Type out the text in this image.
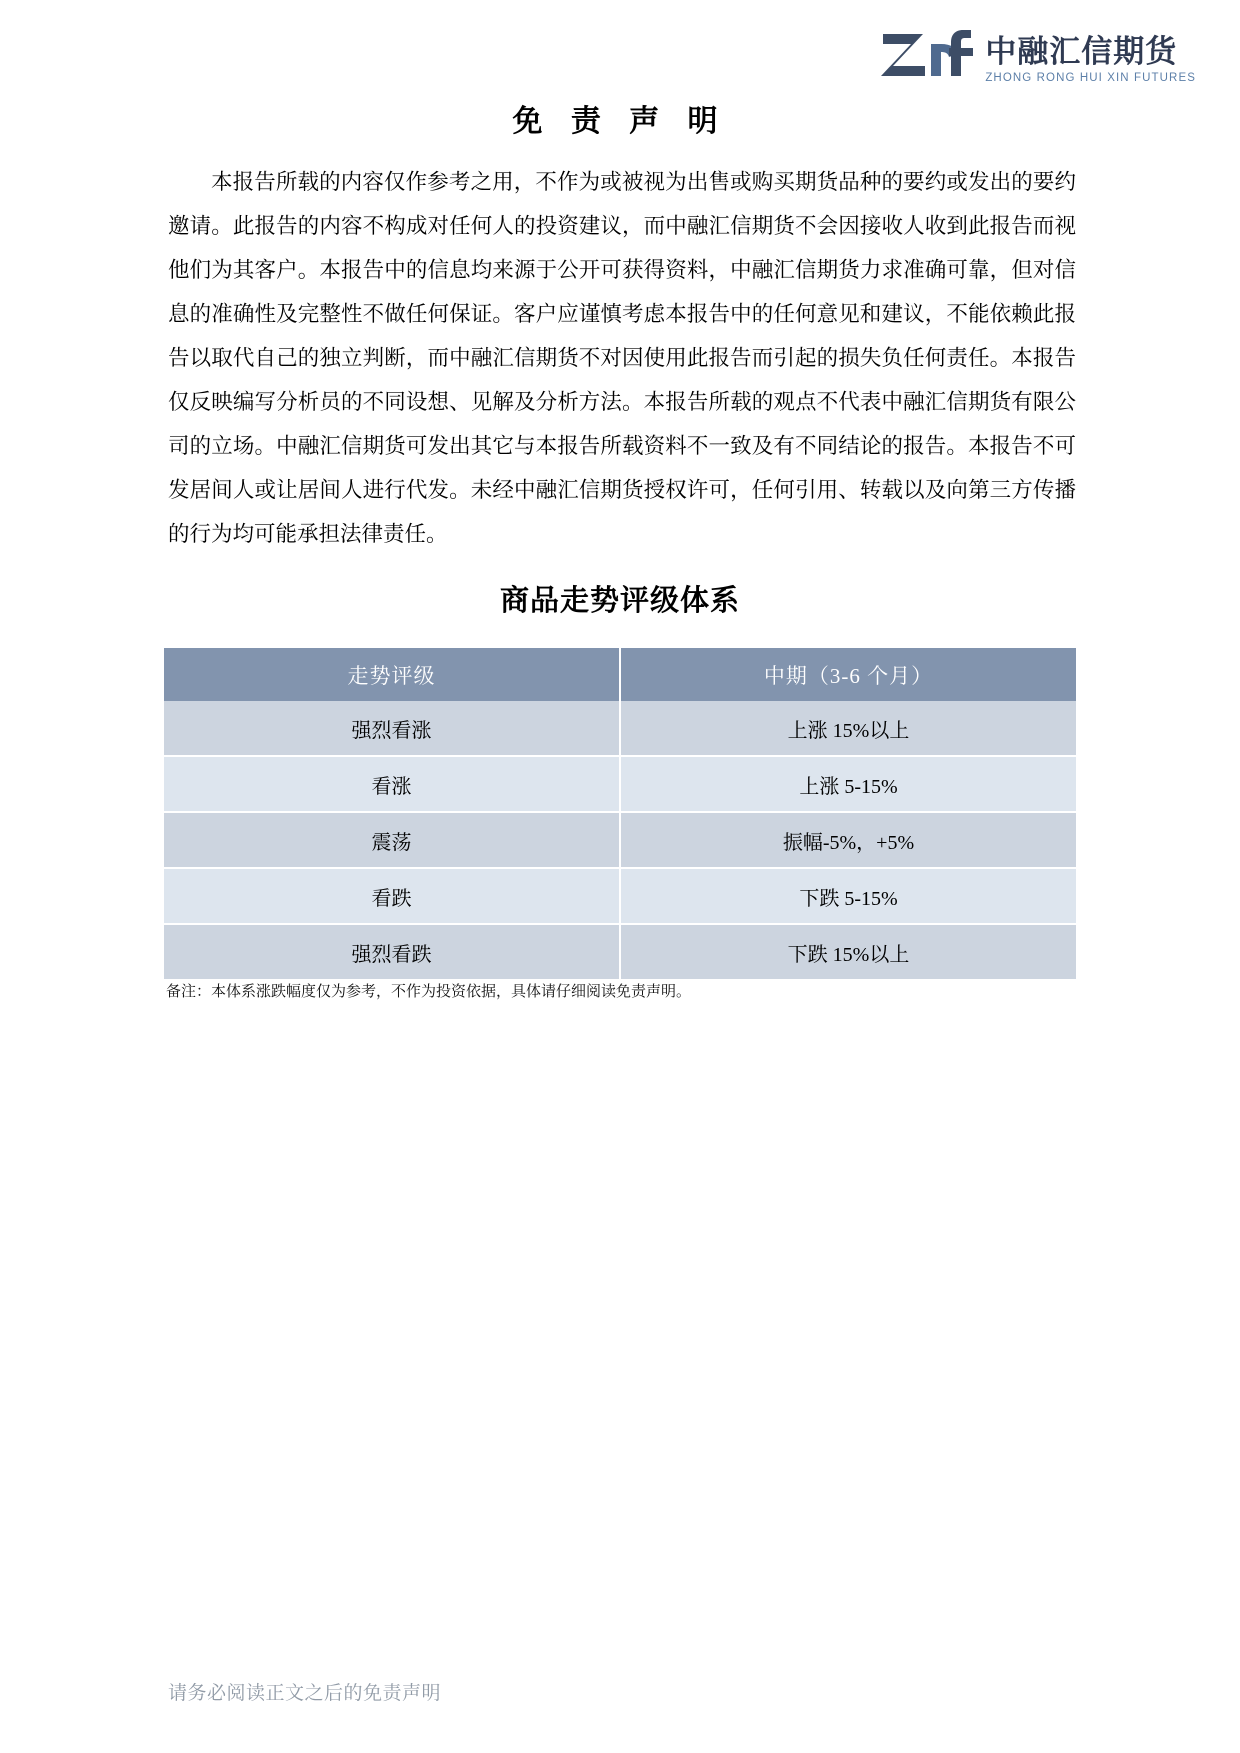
中融汇信期货
ZHONG RONG HUI XIN FUTURES
免 责 声 明
本报告所载的内容仅作参考之用，不作为或被视为出售或购买期货品种的要约或发出的要约邀请。此报告的内容不构成对任何人的投资建议，而中融汇信期货不会因接收人收到此报告而视他们为其客户。本报告中的信息均来源于公开可获得资料，中融汇信期货力求准确可靠，但对信息的准确性及完整性不做任何保证。客户应谨慎考虑本报告中的任何意见和建议，不能依赖此报告以取代自己的独立判断，而中融汇信期货不对因使用此报告而引起的损失负任何责任。本报告仅反映编写分析员的不同设想、见解及分析方法。本报告所载的观点不代表中融汇信期货有限公司的立场。中融汇信期货可发出其它与本报告所载资料不一致及有不同结论的报告。本报告不可发居间人或让居间人进行代发。未经中融汇信期货授权许可，任何引用、转载以及向第三方传播的行为均可能承担法律责任。
商品走势评级体系
走势评级	中期（3-6 个月）
强烈看涨	上涨 15%以上
看涨	上涨 5-15%
震荡	振幅-5%，+5%
看跌	下跌 5-15%
强烈看跌	下跌 15%以上
备注：本体系涨跌幅度仅为参考，不作为投资依据，具体请仔细阅读免责声明。
请务必阅读正文之后的免责声明
